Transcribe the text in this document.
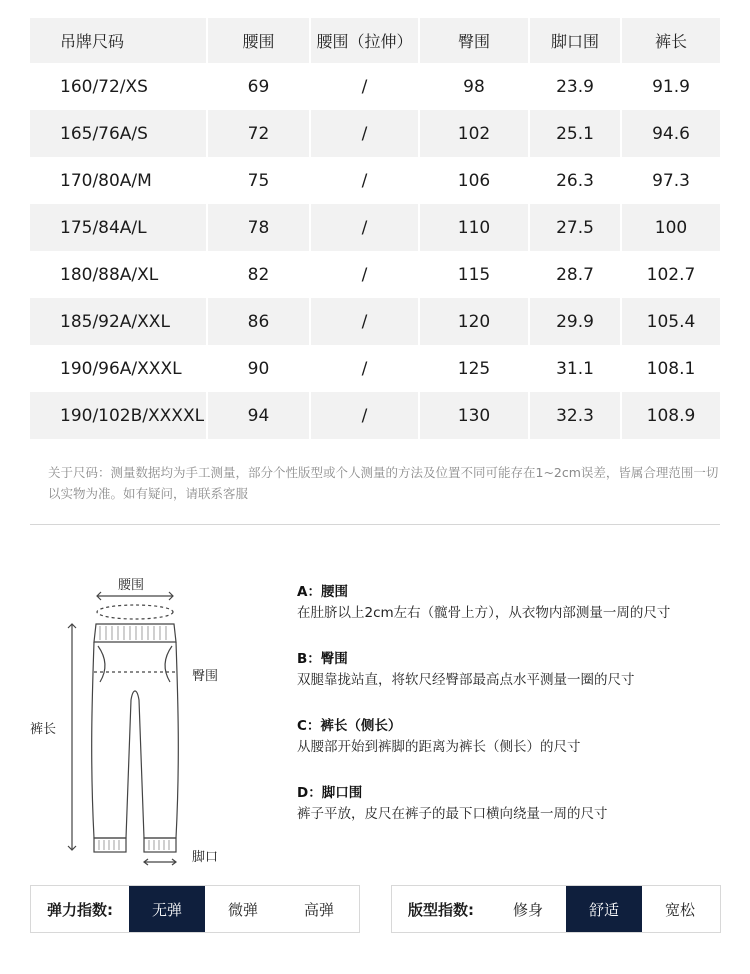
吊牌尺码	腰围	腰围（拉伸）	臀围	脚口围	裤长
160/72/XS	69	/	98	23.9	91.9
165/76A/S	72	/	102	25.1	94.6
170/80A/M	75	/	106	26.3	97.3
175/84A/L	78	/	110	27.5	100
180/88A/XL	82	/	115	28.7	102.7
185/92A/XXL	86	/	120	29.9	105.4
190/96A/XXXL	90	/	125	31.1	108.1
190/102B/XXXXL	94	/	130	32.3	108.9
关于尺码：测量数据均为手工测量，部分个性版型或个人测量的方法及位置不同可能存在1~2cm误差，皆属合理范围一切以实物为准。如有疑问，请联系客服
腰围
臀围
裤长
脚口
A：腰围
在肚脐以上2cm左右（髋骨上方），从衣物内部测量一周的尺寸
B：臀围
双腿靠拢站直，将软尺经臀部最高点水平测量一圈的尺寸
C：裤长（侧长）
从腰部开始到裤脚的距离为裤长（侧长）的尺寸
D：脚口围
裤子平放，皮尺在裤子的最下口横向绕量一周的尺寸
弹力指数:	无弹	微弹	高弹	版型指数:	修身	舒适	宽松
